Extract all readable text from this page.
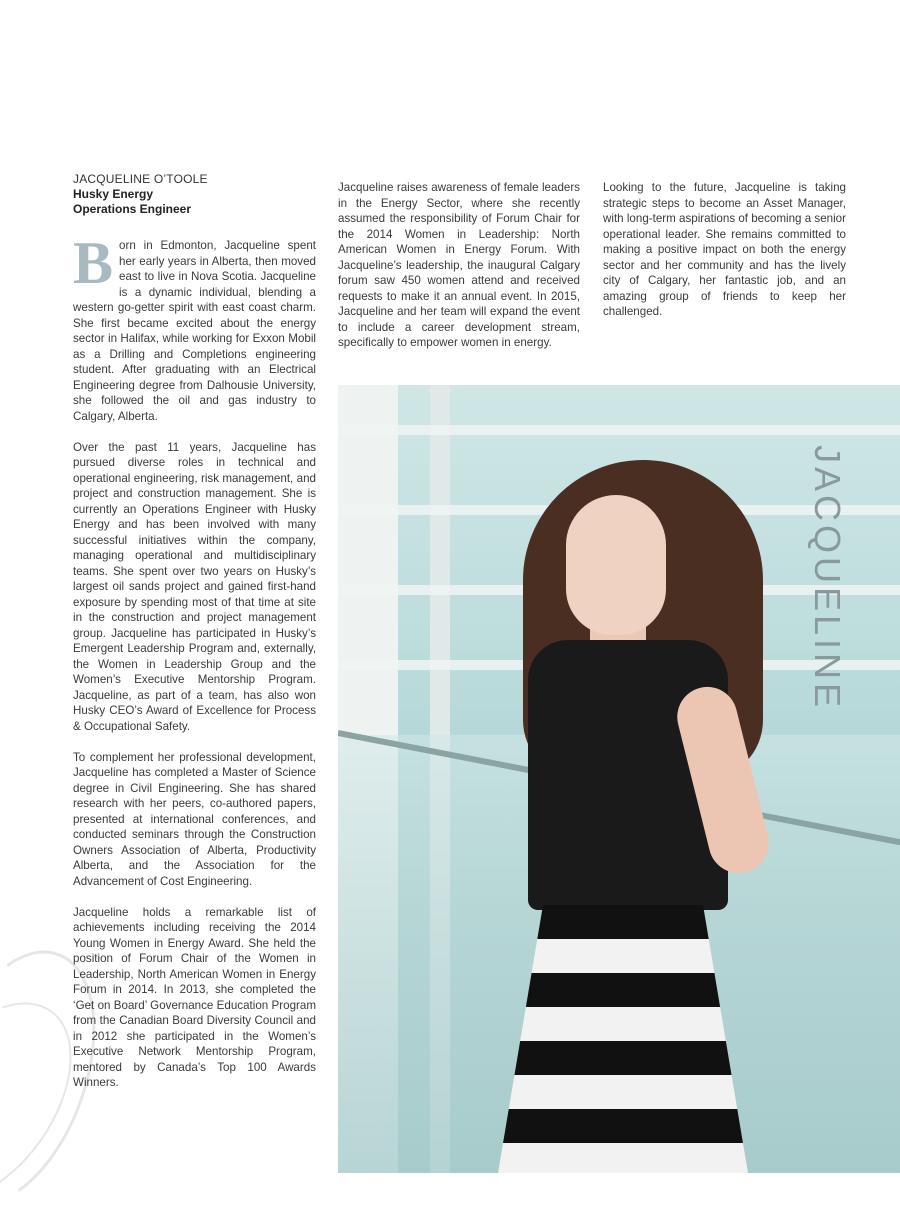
JACQUELINE O’TOOLE
Husky Energy
Operations Engineer

Born in Edmonton, Jacqueline spent her early years in Alberta, then moved east to live in Nova Scotia. Jacqueline is a dynamic individual, blending a western go-getter spirit with east coast charm. She first became excited about the energy sector in Halifax, while working for Exxon Mobil as a Drilling and Completions engineering student. After graduating with an Electrical Engineering degree from Dalhousie University, she followed the oil and gas industry to Calgary, Alberta.

Over the past 11 years, Jacqueline has pursued diverse roles in technical and operational engineering, risk management, and project and construction management. She is currently an Operations Engineer with Husky Energy and has been involved with many successful initiatives within the company, managing operational and multidisciplinary teams. She spent over two years on Husky’s largest oil sands project and gained first-hand exposure by spending most of that time at site in the construction and project management group. Jacqueline has participated in Husky’s Emergent Leadership Program and, externally, the Women in Leadership Group and the Women’s Executive Mentorship Program. Jacqueline, as part of a team, has also won Husky CEO’s Award of Excellence for Process & Occupational Safety.

To complement her professional development, Jacqueline has completed a Master of Science degree in Civil Engineering. She has shared research with her peers, co-authored papers, presented at international conferences, and conducted seminars through the Construction Owners Association of Alberta, Productivity Alberta, and the Association for the Advancement of Cost Engineering.

Jacqueline holds a remarkable list of achievements including receiving the 2014 Young Women in Energy Award. She held the position of Forum Chair of the Women in Leadership, North American Women in Energy Forum in 2014. In 2013, she completed the ‘Get on Board’ Governance Education Program from the Canadian Board Diversity Council and in 2012 she participated in the Women’s Executive Network Mentorship Program, mentored by Canada’s Top 100 Awards Winners.

Jacqueline raises awareness of female leaders in the Energy Sector, where she recently assumed the responsibility of Forum Chair for the 2014 Women in Leadership: North American Women in Energy Forum. With Jacqueline’s leadership, the inaugural Calgary forum saw 450 women attend and received requests to make it an annual event. In 2015, Jacqueline and her team will expand the event to include a career development stream, specifically to empower women in energy.

Looking to the future, Jacqueline is taking strategic steps to become an Asset Manager, with long-term aspirations of becoming a senior operational leader. She remains committed to making a positive impact on both the energy sector and her community and has the lively city of Calgary, her fantastic job, and an amazing group of friends to keep her challenged.

JACQUELINE
